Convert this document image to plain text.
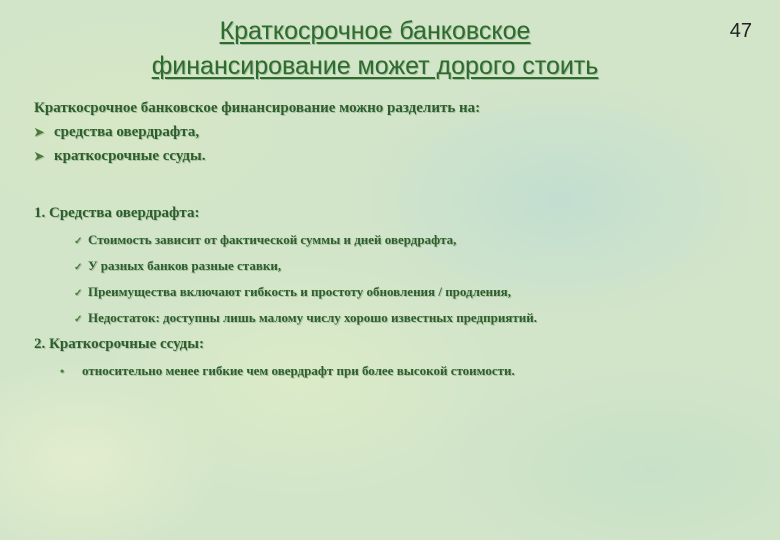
Краткосрочное банковское
финансирование может дорого стоить
47
Краткосрочное банковское финансирование можно разделить на:
➤ средства овердрафта,
➤ краткосрочные ссуды.
1. Средства овердрафта:
✓ Стоимость зависит от фактической суммы и дней овердрафта,
✓ У разных банков разные ставки,
✓ Преимущества включают гибкость и простоту обновления / продления,
✓ Недостаток: доступны лишь малому числу хорошо известных предприятий.
2. Краткосрочные ссуды:
•	относительно менее гибкие чем овердрафт при более высокой стоимости.
